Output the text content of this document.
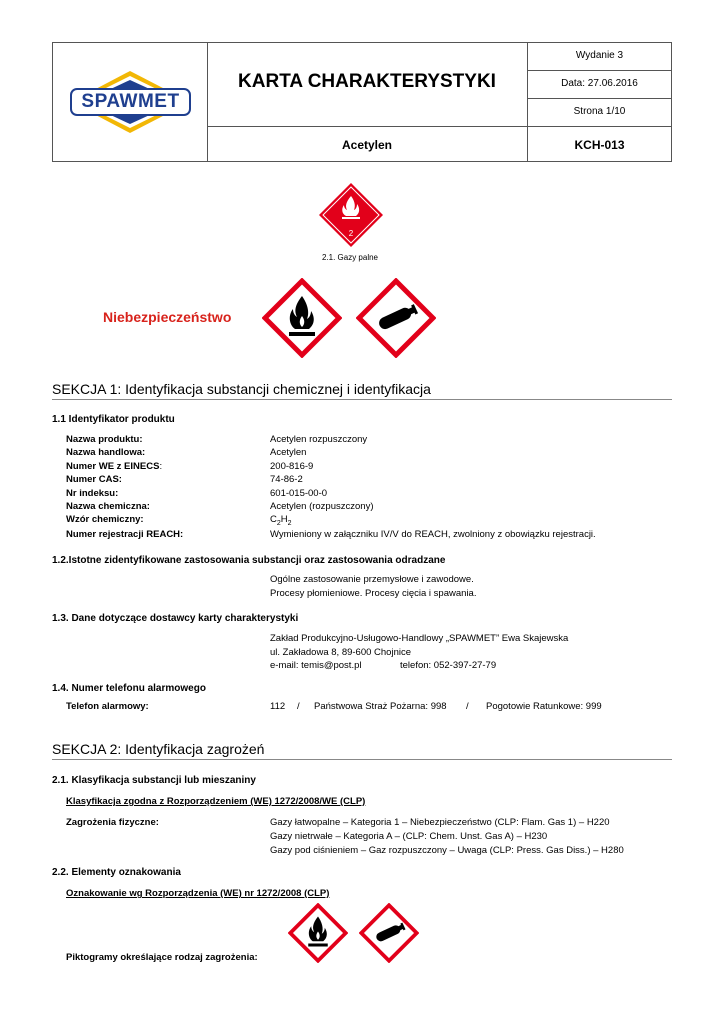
SPAWMET
KARTA CHARAKTERYSTYKI
Wydanie 3
Data: 27.06.2016
Strona 1/10
Acetylen	KCH-013
2
2.1. Gazy palne
Niebezpieczeństwo
SEKCJA 1: Identyfikacja substancji chemicznej i identyfikacja
1.1 Identyfikator produktu
Nazwa produktu:	Acetylen rozpuszczony
Nazwa handlowa:	Acetylen
Numer WE z EINECS:	200-816-9
Numer CAS:	74-86-2
Nr indeksu:	601-015-00-0
Nazwa chemiczna:	Acetylen (rozpuszczony)
Wzór chemiczny:	$C_2H_2$
Numer rejestracji REACH:	Wymieniony w załączniku IV/V do REACH, zwolniony z obowiązku rejestracji.
1.2.Istotne zidentyfikowane zastosowania substancji oraz zastosowania odradzane
Ogólne zastosowanie przemysłowe i zawodowe.
Procesy płomieniowe. Procesy cięcia i spawania.
1.3. Dane dotyczące dostawcy karty charakterystyki
Zakład Produkcyjno-Usługowo-Handlowy „SPAWMET” Ewa Skajewska
ul. Zakładowa 8, 89-600 Chojnice
e-mail: temis@post.pl	telefon: 052-397-27-79
1.4. Numer telefonu alarmowego
Telefon alarmowy:	112 / Państwowa Straż Pożarna: 998 / Pogotowie Ratunkowe: 999
SEKCJA 2: Identyfikacja zagrożeń
2.1. Klasyfikacja substancji lub mieszaniny
Klasyfikacja zgodna z Rozporządzeniem (WE) 1272/2008/WE (CLP)
Zagrożenia fizyczne:	Gazy łatwopalne – Kategoria 1 – Niebezpieczeństwo (CLP: Flam. Gas 1) – H220
Gazy nietrwałe – Kategoria A – (CLP: Chem. Unst. Gas A) – H230
Gazy pod ciśnieniem – Gaz rozpuszczony – Uwaga (CLP: Press. Gas Diss.) – H280
2.2. Elementy oznakowania
Oznakowanie wg Rozporządzenia (WE) nr 1272/2008 (CLP)
Piktogramy określające rodzaj zagrożenia:
